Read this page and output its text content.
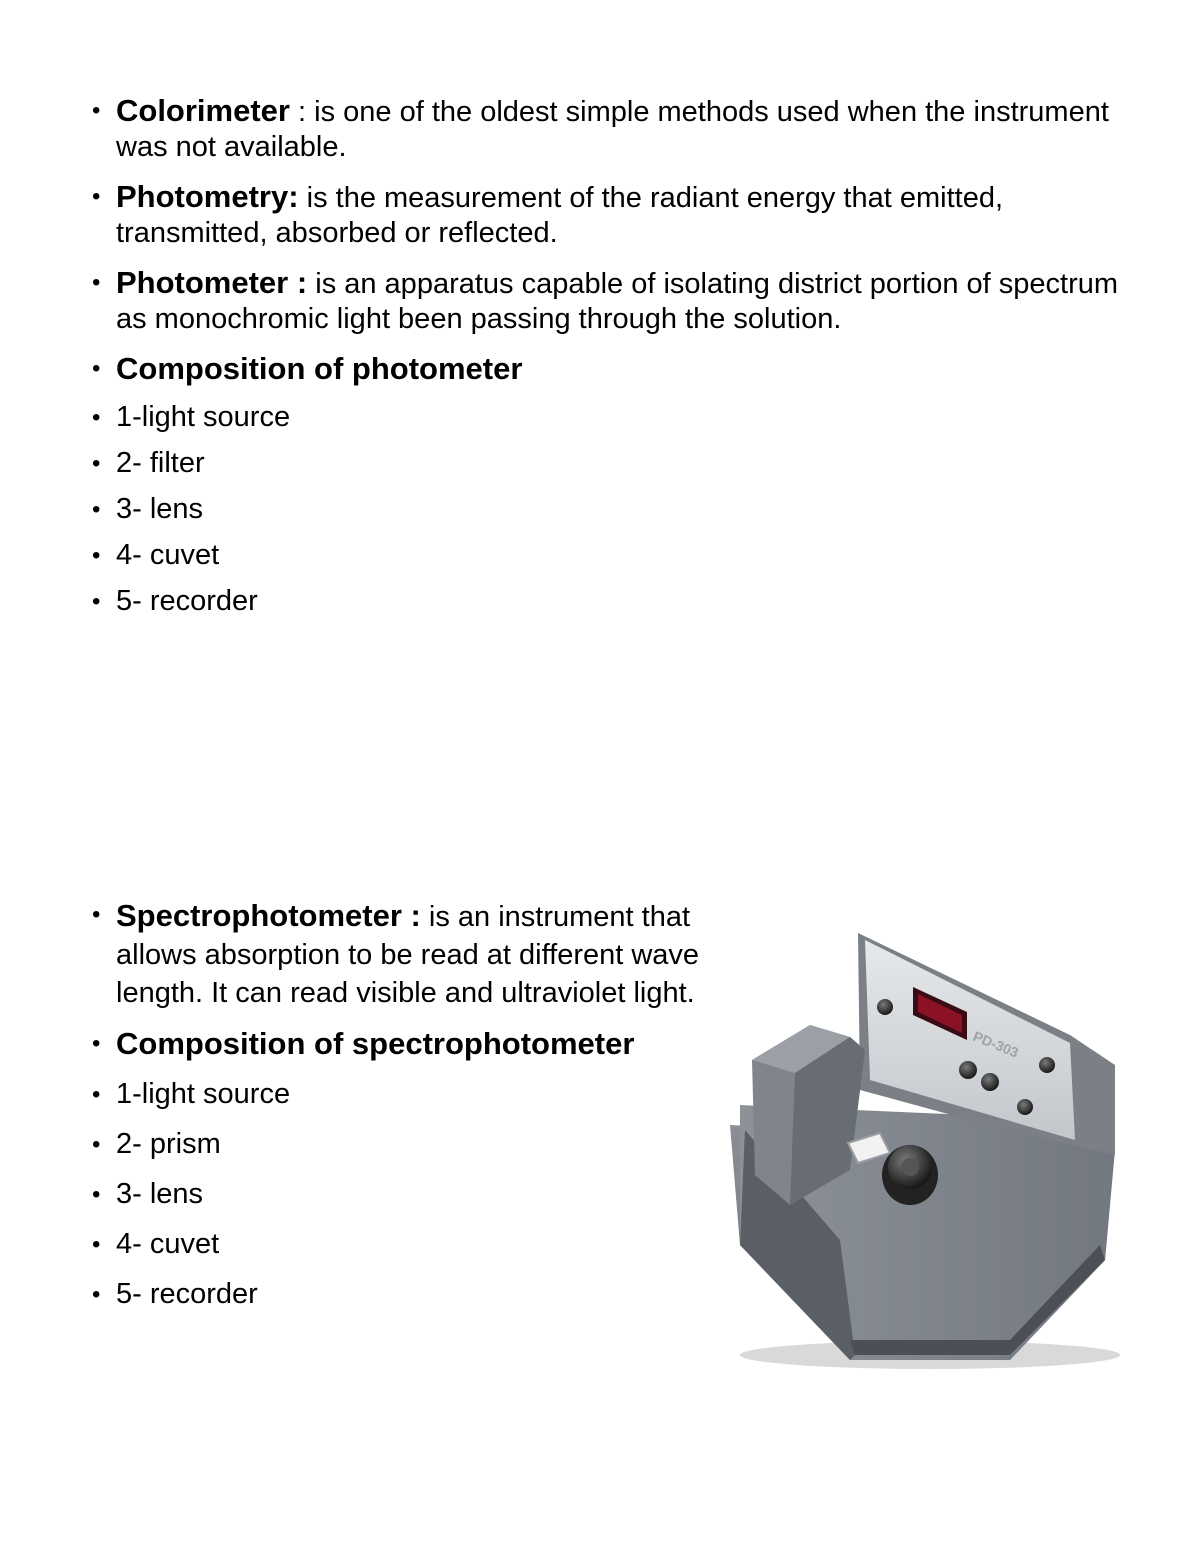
• Colorimeter : is one of the oldest simple methods used when the instrument was not available.
• Photometry: is the measurement of the radiant energy that emitted, transmitted, absorbed or reflected.
• Photometer : is an apparatus capable of isolating district portion of spectrum as monochromic light been passing through the solution.
• Composition of photometer
• 1-light source
• 2- filter
• 3- lens
• 4- cuvet
• 5- recorder
• Spectrophotometer : is an instrument that allows absorption to be read at different wave length. It can read visible and ultraviolet light.
• Composition of spectrophotometer
• 1-light source
• 2- prism
• 3- lens
• 4- cuvet
• 5- recorder
PD-303
